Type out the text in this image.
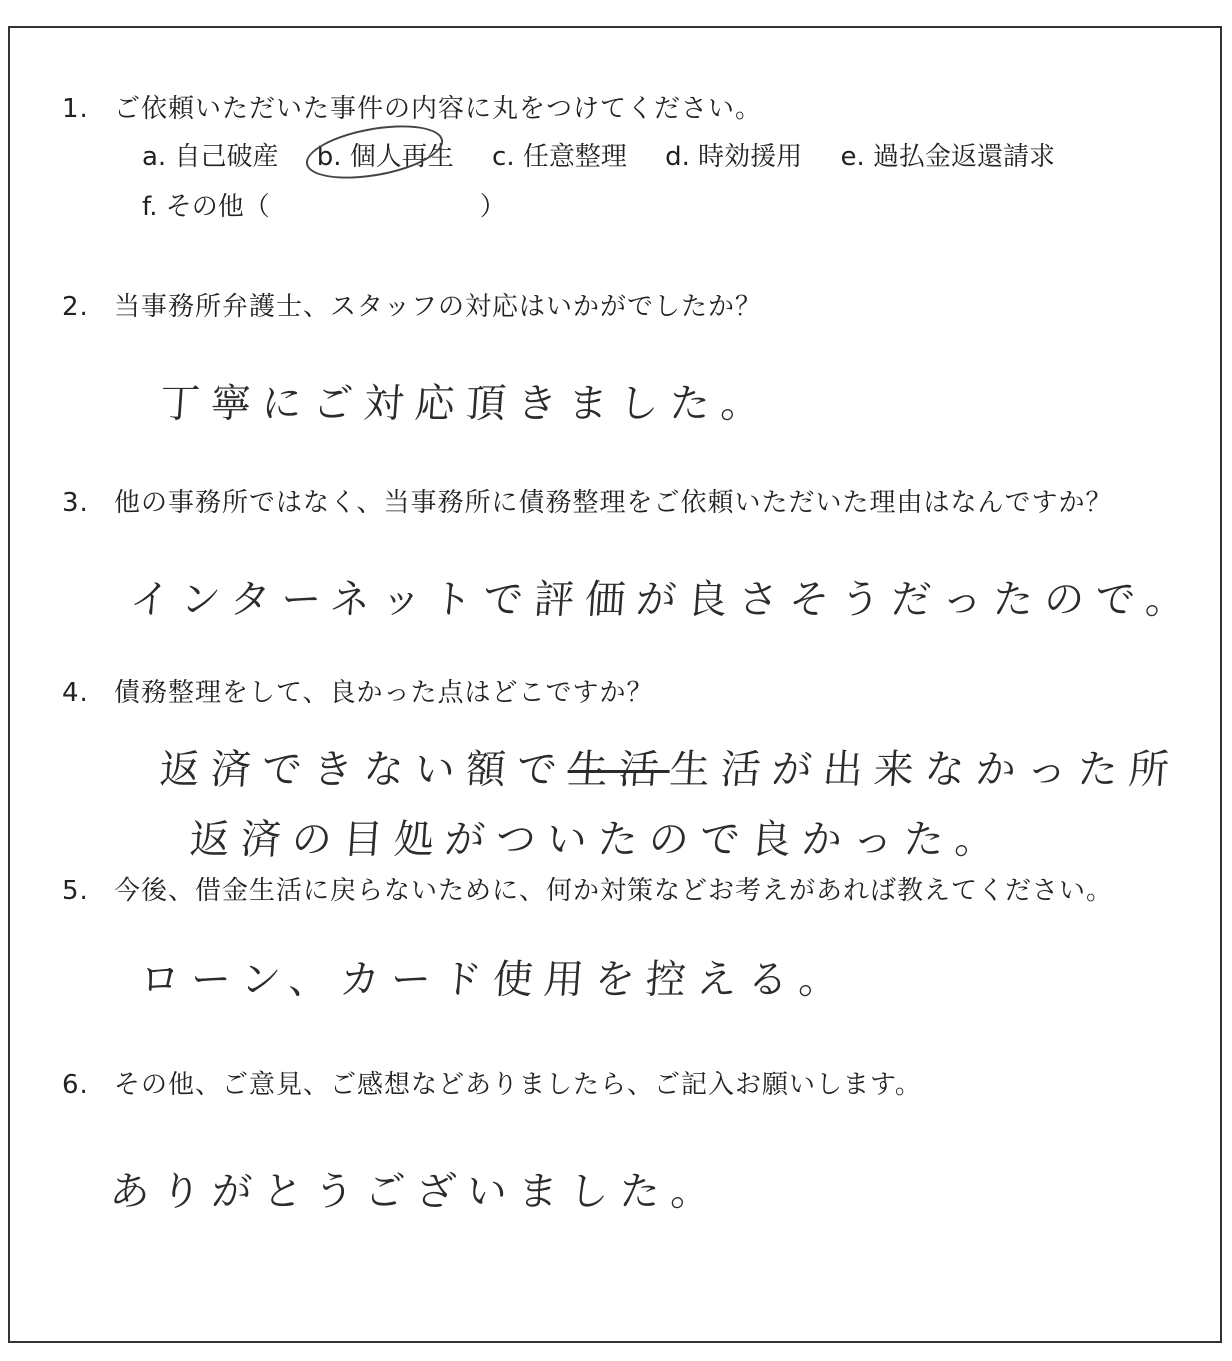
1. ご依頼いただいた事件の内容に丸をつけてください。
a. 自己破産 b. 個人再生 c. 任意整理 d. 時効援用 e. 過払金返還請求
f. その他（	）
2. 当事務所弁護士、スタッフの対応はいかがでしたか？
丁寧にご対応頂きました。
3. 他の事務所ではなく、当事務所に債務整理をご依頼いただいた理由はなんですか？
インターネットで評価が良さそうだったので。
4. 債務整理をして、良かった点はどこですか？
返済できない額で生活生活が出来なかった所
返済の目処がついたので良かった。
5. 今後、借金生活に戻らないために、何か対策などお考えがあれば教えてください。
ローン、カード使用を控える。
6. その他、ご意見、ご感想などありましたら、ご記入お願いします。
ありがとうございました。
